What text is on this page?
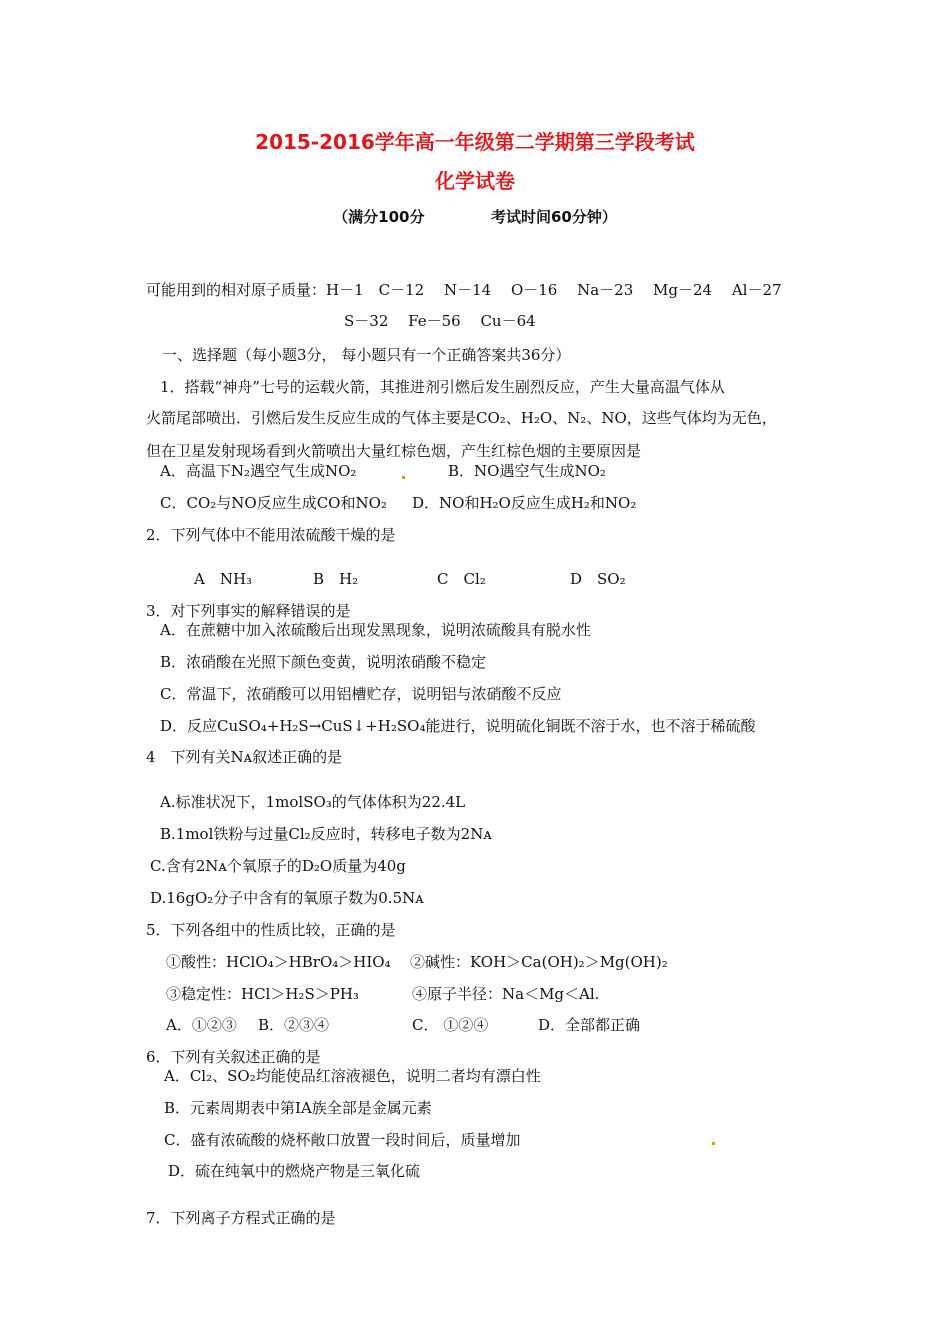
2015-2016学年高一年级第二学期第三学段考试
化学试卷
（满分100分	考试时间60分钟）
可能用到的相对原子质量：H－1　C－12　 N－14　 O－16　 Na－23　 Mg－24　 Al－27
S－32　 Fe－56　 Cu－64
一、选择题（每小题3分， 每小题只有一个正确答案共36分）
1．搭载“神舟”七号的运载火箭，其推进剂引燃后发生剧烈反应，产生大量高温气体从
火箭尾部喷出．引燃后发生反应生成的气体主要是CO₂、H₂O、N₂、NO，这些气体均为无色，
但在卫星发射现场看到火箭喷出大量红棕色烟，产生红棕色烟的主要原因是
A．高温下N₂遇空气生成NO₂	B．NO遇空气生成NO₂
C．CO₂与NO反应生成CO和NO₂ D．NO和H₂O反应生成H₂和NO₂
2．下列气体中不能用浓硫酸干燥的是
A　NH₃	B　H₂	C　Cl₂	D　SO₂
3．对下列事实的解释错误的是
A．在蔗糖中加入浓硫酸后出现发黑现象，说明浓硫酸具有脱水性
B．浓硝酸在光照下颜色变黄，说明浓硝酸不稳定
C．常温下，浓硝酸可以用铝槽贮存，说明铝与浓硝酸不反应
D．反应CuSO₄+H₂S→CuS↓+H₂SO₄能进行，说明硫化铜既不溶于水，也不溶于稀硫酸
4　下列有关Nᴀ叙述正确的是
A.标准状况下，1molSO₃的气体体积为22.4L
B.1mol铁粉与过量Cl₂反应时，转移电子数为2Nᴀ
C.含有2Nᴀ个氧原子的D₂O质量为40g
D.16gO₂分子中含有的氧原子数为0.5Nᴀ
5．下列各组中的性质比较，正确的是
①酸性：HClO₄＞HBrO₄＞HIO₄ ②碱性：KOH＞Ca(OH)₂＞Mg(OH)₂
③稳定性：HCl＞H₂S＞PH₃	④原子半径：Na＜Mg＜Al.
A．①②③ B．②③④	C． ①②④	D．全部都正确
6．下列有关叙述正确的是
A．Cl₂、SO₂均能使品红溶液褪色，说明二者均有漂白性
B．元素周期表中第IA族全部是金属元素
C．盛有浓硫酸的烧杯敞口放置一段时间后，质量增加
D．硫在纯氧中的燃烧产物是三氧化硫
7．下列离子方程式正确的是
